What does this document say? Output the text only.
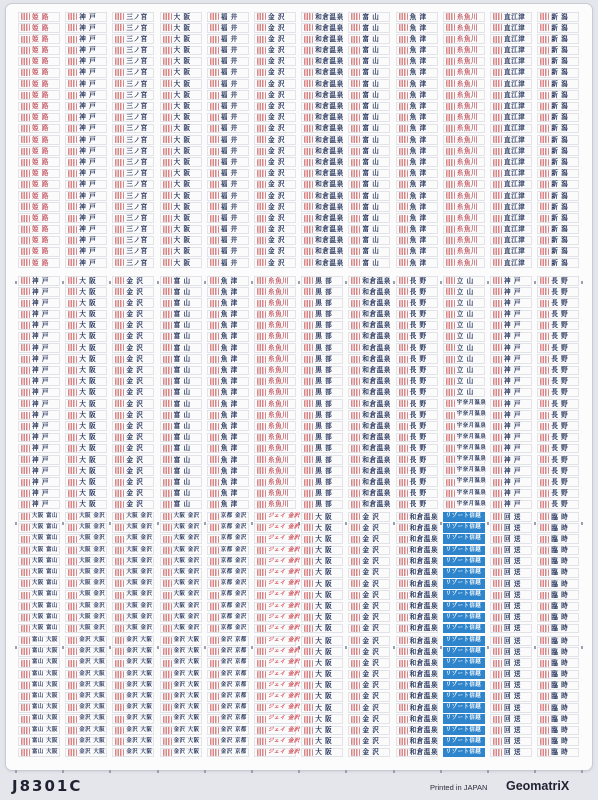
姫 路
姫 路
姫 路
姫 路
姫 路
姫 路
姫 路
姫 路
姫 路
姫 路
姫 路
姫 路
姫 路
姫 路
姫 路
姫 路
姫 路
姫 路
姫 路
姫 路
姫 路
姫 路
姫 路
神 戸
神 戸
神 戸
神 戸
神 戸
神 戸
神 戸
神 戸
神 戸
神 戸
神 戸
神 戸
神 戸
神 戸
神 戸
神 戸
神 戸
神 戸
神 戸
神 戸
神 戸
神 戸
神 戸
三ノ宮
三ノ宮
三ノ宮
三ノ宮
三ノ宮
三ノ宮
三ノ宮
三ノ宮
三ノ宮
三ノ宮
三ノ宮
三ノ宮
三ノ宮
三ノ宮
三ノ宮
三ノ宮
三ノ宮
三ノ宮
三ノ宮
三ノ宮
三ノ宮
三ノ宮
三ノ宮
大 阪
大 阪
大 阪
大 阪
大 阪
大 阪
大 阪
大 阪
大 阪
大 阪
大 阪
大 阪
大 阪
大 阪
大 阪
大 阪
大 阪
大 阪
大 阪
大 阪
大 阪
大 阪
大 阪
福 井
福 井
福 井
福 井
福 井
福 井
福 井
福 井
福 井
福 井
福 井
福 井
福 井
福 井
福 井
福 井
福 井
福 井
福 井
福 井
福 井
福 井
福 井
金 沢
金 沢
金 沢
金 沢
金 沢
金 沢
金 沢
金 沢
金 沢
金 沢
金 沢
金 沢
金 沢
金 沢
金 沢
金 沢
金 沢
金 沢
金 沢
金 沢
金 沢
金 沢
金 沢
和倉温泉
和倉温泉
和倉温泉
和倉温泉
和倉温泉
和倉温泉
和倉温泉
和倉温泉
和倉温泉
和倉温泉
和倉温泉
和倉温泉
和倉温泉
和倉温泉
和倉温泉
和倉温泉
和倉温泉
和倉温泉
和倉温泉
和倉温泉
和倉温泉
和倉温泉
和倉温泉
富 山
富 山
富 山
富 山
富 山
富 山
富 山
富 山
富 山
富 山
富 山
富 山
富 山
富 山
富 山
富 山
富 山
富 山
富 山
富 山
富 山
富 山
富 山
魚 津
魚 津
魚 津
魚 津
魚 津
魚 津
魚 津
魚 津
魚 津
魚 津
魚 津
魚 津
魚 津
魚 津
魚 津
魚 津
魚 津
魚 津
魚 津
魚 津
魚 津
魚 津
魚 津
糸魚川
糸魚川
糸魚川
糸魚川
糸魚川
糸魚川
糸魚川
糸魚川
糸魚川
糸魚川
糸魚川
糸魚川
糸魚川
糸魚川
糸魚川
糸魚川
糸魚川
糸魚川
糸魚川
糸魚川
糸魚川
糸魚川
糸魚川
直江津
直江津
直江津
直江津
直江津
直江津
直江津
直江津
直江津
直江津
直江津
直江津
直江津
直江津
直江津
直江津
直江津
直江津
直江津
直江津
直江津
直江津
直江津
新 潟
新 潟
新 潟
新 潟
新 潟
新 潟
新 潟
新 潟
新 潟
新 潟
新 潟
新 潟
新 潟
新 潟
新 潟
新 潟
新 潟
新 潟
新 潟
新 潟
新 潟
新 潟
新 潟
神 戸
神 戸
神 戸
神 戸
神 戸
神 戸
神 戸
神 戸
神 戸
神 戸
神 戸
神 戸
神 戸
神 戸
神 戸
神 戸
神 戸
神 戸
神 戸
神 戸
神 戸
大 阪
大 阪
大 阪
大 阪
大 阪
大 阪
大 阪
大 阪
大 阪
大 阪
大 阪
大 阪
大 阪
大 阪
大 阪
大 阪
大 阪
大 阪
大 阪
大 阪
大 阪
金 沢
金 沢
金 沢
金 沢
金 沢
金 沢
金 沢
金 沢
金 沢
金 沢
金 沢
金 沢
金 沢
金 沢
金 沢
金 沢
金 沢
金 沢
金 沢
金 沢
金 沢
富 山
富 山
富 山
富 山
富 山
富 山
富 山
富 山
富 山
富 山
富 山
富 山
富 山
富 山
富 山
富 山
富 山
富 山
富 山
富 山
富 山
魚 津
魚 津
魚 津
魚 津
魚 津
魚 津
魚 津
魚 津
魚 津
魚 津
魚 津
魚 津
魚 津
魚 津
魚 津
魚 津
魚 津
魚 津
魚 津
魚 津
魚 津
糸魚川
糸魚川
糸魚川
糸魚川
糸魚川
糸魚川
糸魚川
糸魚川
糸魚川
糸魚川
糸魚川
糸魚川
糸魚川
糸魚川
糸魚川
糸魚川
糸魚川
糸魚川
糸魚川
糸魚川
糸魚川
黒 部
黒 部
黒 部
黒 部
黒 部
黒 部
黒 部
黒 部
黒 部
黒 部
黒 部
黒 部
黒 部
黒 部
黒 部
黒 部
黒 部
黒 部
黒 部
黒 部
黒 部
和倉温泉
和倉温泉
和倉温泉
和倉温泉
和倉温泉
和倉温泉
和倉温泉
和倉温泉
和倉温泉
和倉温泉
和倉温泉
和倉温泉
和倉温泉
和倉温泉
和倉温泉
和倉温泉
和倉温泉
和倉温泉
和倉温泉
和倉温泉
和倉温泉
長 野
長 野
長 野
長 野
長 野
長 野
長 野
長 野
長 野
長 野
長 野
長 野
長 野
長 野
長 野
長 野
長 野
長 野
長 野
長 野
長 野
立 山
立 山
立 山
立 山
立 山
立 山
立 山
立 山
立 山
立 山
立 山
宇奈月温泉
宇奈月温泉
宇奈月温泉
宇奈月温泉
宇奈月温泉
宇奈月温泉
宇奈月温泉
宇奈月温泉
宇奈月温泉
宇奈月温泉
神 戸
神 戸
神 戸
神 戸
神 戸
神 戸
神 戸
神 戸
神 戸
神 戸
神 戸
神 戸
神 戸
神 戸
神 戸
神 戸
神 戸
神 戸
神 戸
神 戸
神 戸
長 野
長 野
長 野
長 野
長 野
長 野
長 野
長 野
長 野
長 野
長 野
長 野
長 野
長 野
長 野
長 野
長 野
長 野
長 野
長 野
長 野
大阪 富山
大阪 富山
大阪 富山
大阪 富山
大阪 富山
大阪 富山
大阪 富山
大阪 富山
大阪 富山
大阪 富山
大阪 富山
大阪 金沢
大阪 金沢
大阪 金沢
大阪 金沢
大阪 金沢
大阪 金沢
大阪 金沢
大阪 金沢
大阪 金沢
大阪 金沢
大阪 金沢
大阪 金沢
大阪 金沢
大阪 金沢
大阪 金沢
大阪 金沢
大阪 金沢
大阪 金沢
大阪 金沢
大阪 金沢
大阪 金沢
大阪 金沢
大阪 金沢
大阪 金沢
大阪 金沢
大阪 金沢
大阪 金沢
大阪 金沢
大阪 金沢
大阪 金沢
大阪 金沢
大阪 金沢
大阪 金沢
京都 金沢
京都 金沢
京都 金沢
京都 金沢
京都 金沢
京都 金沢
京都 金沢
京都 金沢
京都 金沢
京都 金沢
京都 金沢
ジェイ 金沢
ジェイ 金沢
ジェイ 金沢
ジェイ 金沢
ジェイ 金沢
ジェイ 金沢
ジェイ 金沢
ジェイ 金沢
ジェイ 金沢
ジェイ 金沢
ジェイ 金沢
大 阪
大 阪
大 阪
大 阪
大 阪
大 阪
大 阪
大 阪
大 阪
大 阪
大 阪
金 沢
金 沢
金 沢
金 沢
金 沢
金 沢
金 沢
金 沢
金 沢
金 沢
金 沢
和倉温泉
和倉温泉
和倉温泉
和倉温泉
和倉温泉
和倉温泉
和倉温泉
和倉温泉
和倉温泉
和倉温泉
和倉温泉
リゾート信越
リゾート信越
リゾート信越
リゾート信越
リゾート信越
リゾート信越
リゾート信越
リゾート信越
リゾート信越
リゾート信越
リゾート信越
回 送
回 送
回 送
回 送
回 送
回 送
回 送
回 送
回 送
回 送
回 送
臨 時
臨 時
臨 時
臨 時
臨 時
臨 時
臨 時
臨 時
臨 時
臨 時
臨 時
富山 大阪
富山 大阪
富山 大阪
富山 大阪
富山 大阪
富山 大阪
富山 大阪
富山 大阪
富山 大阪
富山 大阪
富山 大阪
金沢 大阪
金沢 大阪
金沢 大阪
金沢 大阪
金沢 大阪
金沢 大阪
金沢 大阪
金沢 大阪
金沢 大阪
金沢 大阪
金沢 大阪
金沢 大阪
金沢 大阪
金沢 大阪
金沢 大阪
金沢 大阪
金沢 大阪
金沢 大阪
金沢 大阪
金沢 大阪
金沢 大阪
金沢 大阪
金沢 大阪
金沢 大阪
金沢 大阪
金沢 大阪
金沢 大阪
金沢 大阪
金沢 大阪
金沢 大阪
金沢 大阪
金沢 大阪
金沢 大阪
金沢 京都
金沢 京都
金沢 京都
金沢 京都
金沢 京都
金沢 京都
金沢 京都
金沢 京都
金沢 京都
金沢 京都
金沢 京都
ジェイ 金沢
ジェイ 金沢
ジェイ 金沢
ジェイ 金沢
ジェイ 金沢
ジェイ 金沢
ジェイ 金沢
ジェイ 金沢
ジェイ 金沢
ジェイ 金沢
ジェイ 金沢
大 阪
大 阪
大 阪
大 阪
大 阪
大 阪
大 阪
大 阪
大 阪
大 阪
大 阪
金 沢
金 沢
金 沢
金 沢
金 沢
金 沢
金 沢
金 沢
金 沢
金 沢
金 沢
和倉温泉
和倉温泉
和倉温泉
和倉温泉
和倉温泉
和倉温泉
和倉温泉
和倉温泉
和倉温泉
和倉温泉
和倉温泉
リゾート信越
リゾート信越
リゾート信越
リゾート信越
リゾート信越
リゾート信越
リゾート信越
リゾート信越
リゾート信越
リゾート信越
リゾート信越
回 送
回 送
回 送
回 送
回 送
回 送
回 送
回 送
回 送
回 送
回 送
臨 時
臨 時
臨 時
臨 時
臨 時
臨 時
臨 時
臨 時
臨 時
臨 時
臨 時
J8301C	Printed in JAPAN GeomatriX
